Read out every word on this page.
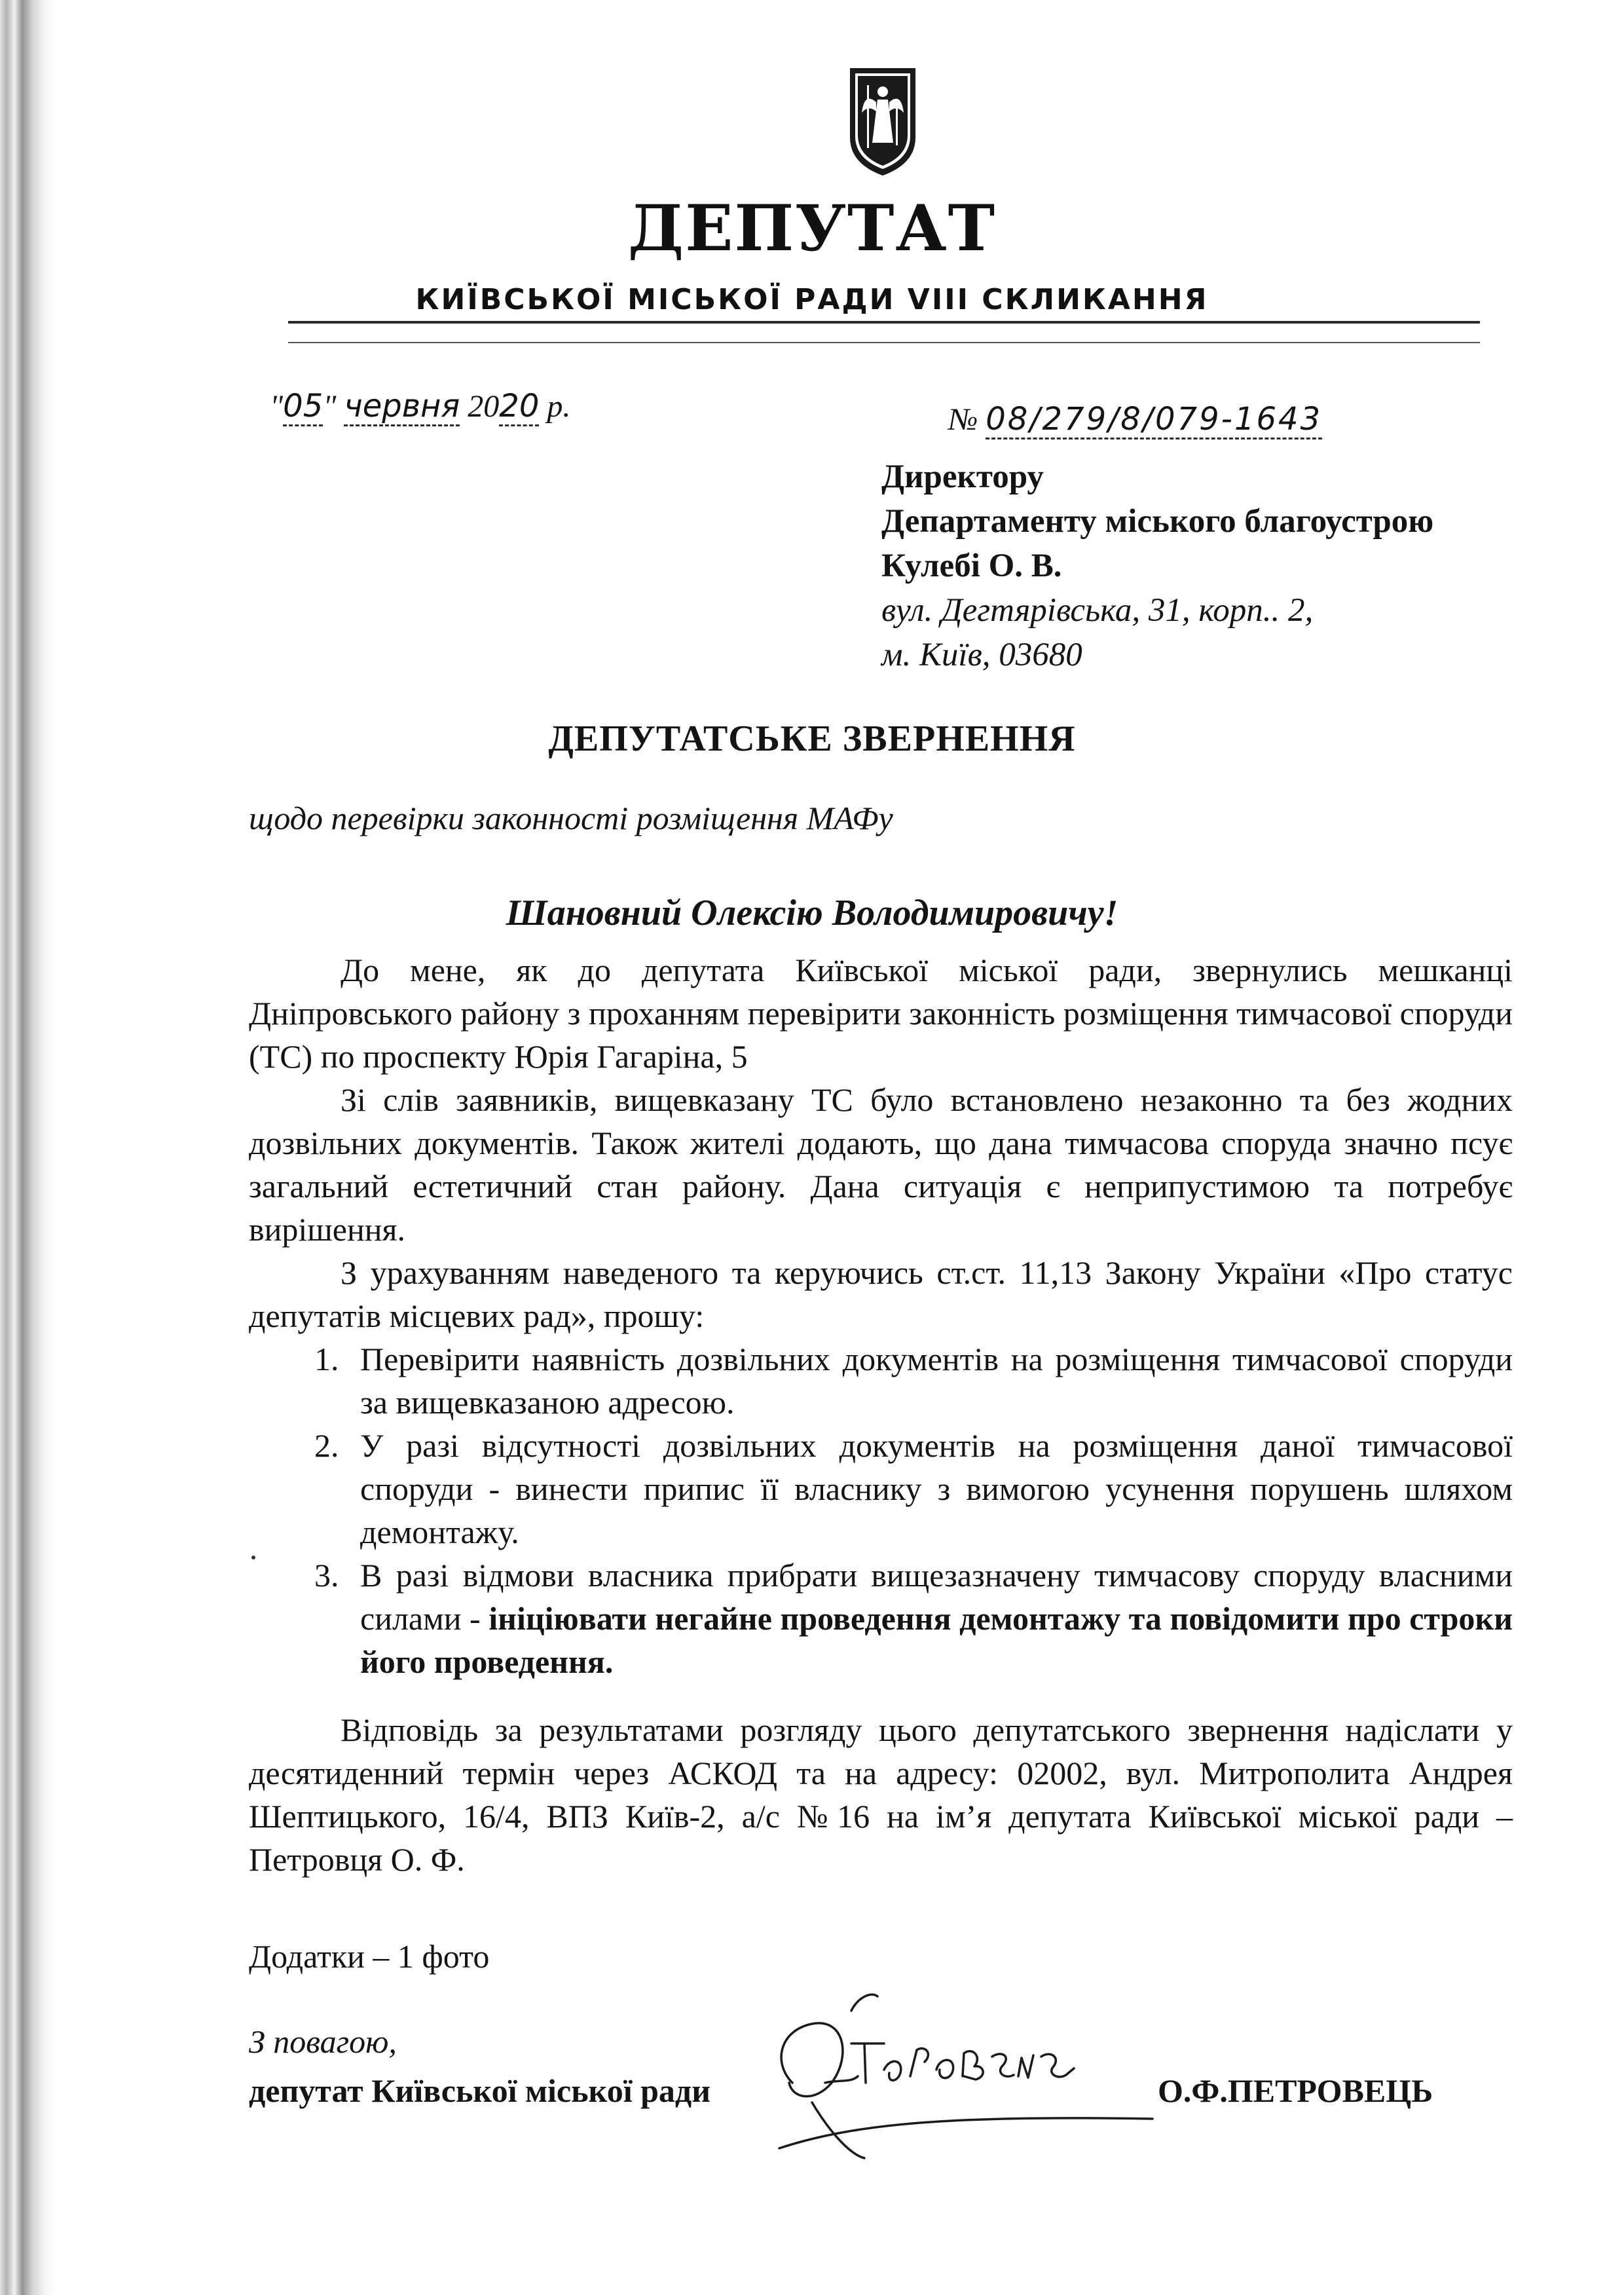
ДЕПУТАТ
КИЇВСЬКОЇ МІСЬКОЇ РАДИ VIII СКЛИКАННЯ
"05" червня 2020 р.	№ 08/279/8/079-1643
Директору
Департаменту міського благоустрою
Кулебі О. В.
вул. Дегтярівська, 31, корп.. 2,
м. Київ, 03680
ДЕПУТАТСЬКЕ ЗВЕРНЕННЯ
щодо перевірки законності розміщення МАФу
Шановний Олексію Володимировичу!

До мене, як до депутата Київської міської ради, звернулись мешканці Дніпровського району з проханням перевірити законність розміщення тимчасової споруди (ТС) по проспекту Юрія Гагаріна, 5

Зі слів заявників, вищевказану ТС було встановлено незаконно та без жодних дозвільних документів. Також жителі додають, що дана тимчасова споруда значно псує загальний естетичний стан району. Дана ситуація є неприпустимою та потребує вирішення.

З урахуванням наведеного та керуючись ст.ст. 11,13 Закону України «Про статус депутатів місцевих рад», прошу:

1. Перевірити наявність дозвільних документів на розміщення тимчасової споруди за вищевказаною адресою.
2. У разі відсутності дозвільних документів на розміщення даної тимчасової споруди - винести припис її власнику з вимогою усунення порушень шляхом демонтажу.
3. В разі відмови власника прибрати вищезазначену тимчасову споруду власними силами - ініціювати негайне проведення демонтажу та повідомити про строки його проведення.

Відповідь за результатами розгляду цього депутатського звернення надіслати у десятиденний термін через АСКОД та на адресу: 02002, вул. Митрополита Андрея Шептицького, 16/4, ВПЗ Київ-2, а/с №16 на ім’я депутата Київської міської ради – Петровця О. Ф.

Додатки – 1 фото
З повагою,
депутат Київської міської ради	О.Ф.ПЕТРОВЕЦЬ
